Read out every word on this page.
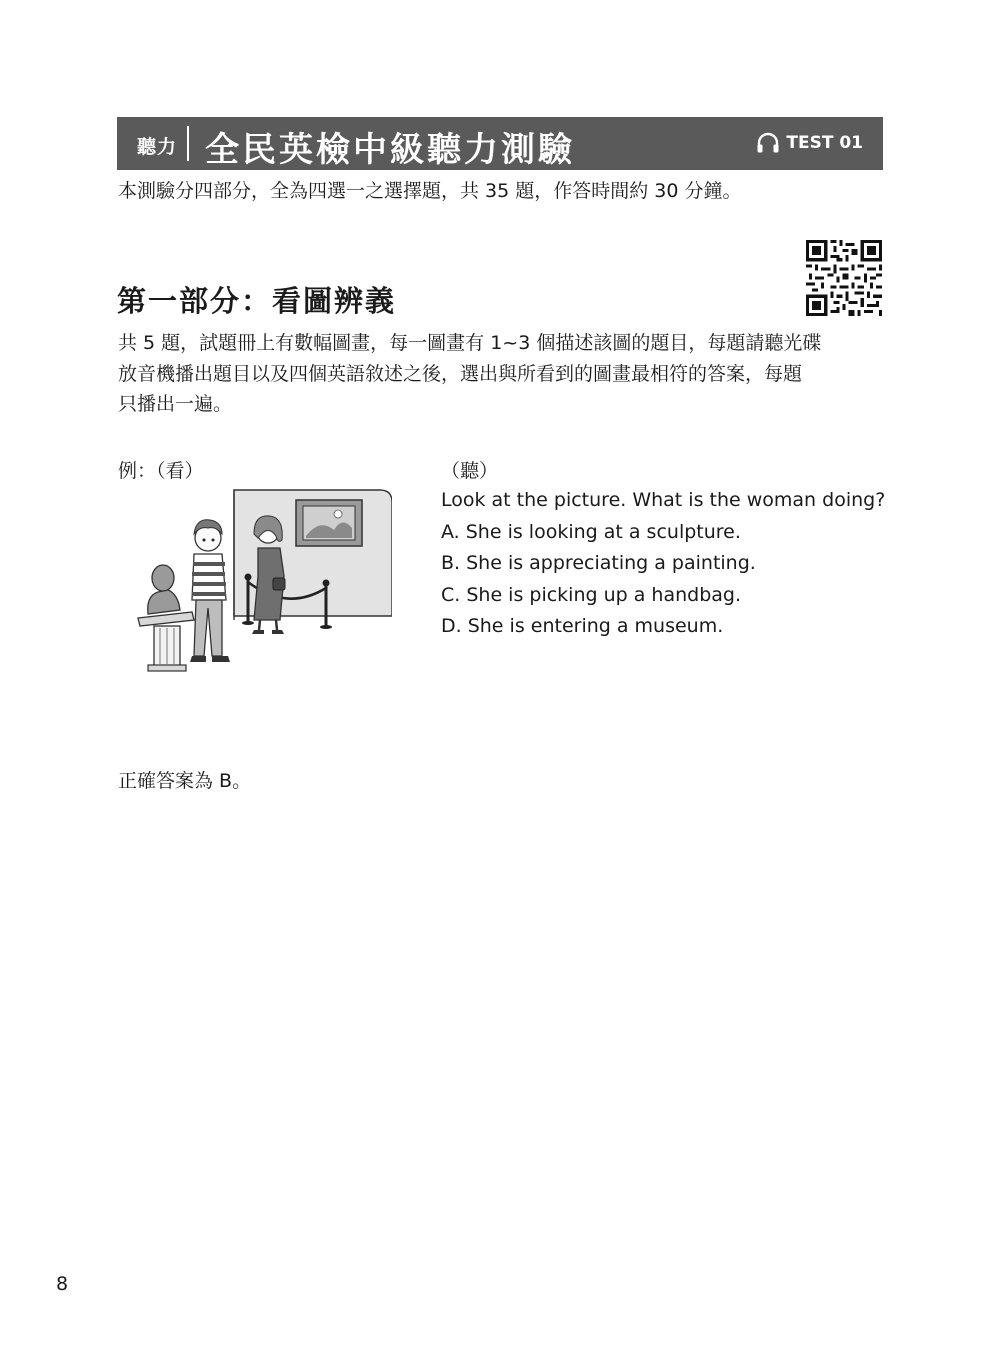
聽力 全民英檢中級聽力測驗	TEST 01
本測驗分四部分，全為四選一之選擇題，共 35 題，作答時間約 30 分鐘。
第一部分：看圖辨義
共 5 題，試題冊上有數幅圖畫，每一圖畫有 1~3 個描述該圖的題目，每題請聽光碟
放音機播出題目以及四個英語敘述之後，選出與所看到的圖畫最相符的答案，每題
只播出一遍。
例：（看）	（聽）
Look at the picture. What is the woman doing?
A. She is looking at a sculpture.
B. She is appreciating a painting.
C. She is picking up a handbag.
D. She is entering a museum.
正確答案為 B。
8
